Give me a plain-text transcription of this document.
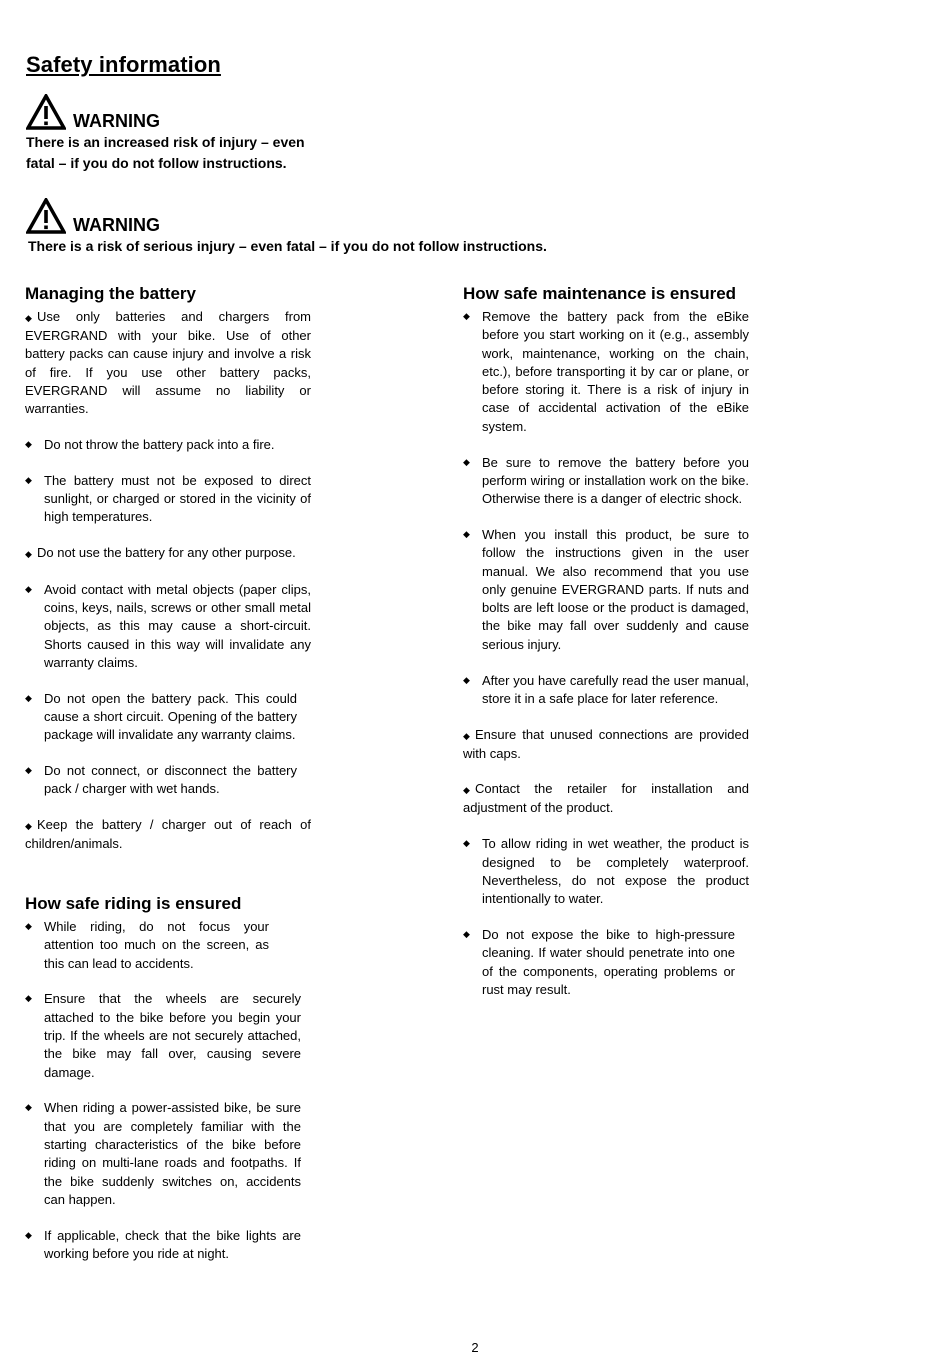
Safety information
WARNING
There is an increased risk of injury – even
fatal – if you do not follow instructions.
WARNING
There is a risk of serious injury – even fatal – if you do not follow instructions.
Managing the battery
◆ Use only batteries and chargers from EVERGRAND with your bike. Use of other battery packs can cause injury and involve a risk of fire. If you use other battery packs, EVERGRAND will assume no liability or warranties.
◆ Do not throw the battery pack into a fire.
◆ The battery must not be exposed to direct sunlight, or charged or stored in the vicinity of high temperatures.
◆ Do not use the battery for any other purpose.
◆ Avoid contact with metal objects (paper clips, coins, keys, nails, screws or other small metal objects, as this may cause a short-circuit. Shorts caused in this way will invalidate any warranty claims.
◆ Do not open the battery pack. This could cause a short circuit. Opening of the battery package will invalidate any warranty claims.
◆ Do not connect, or disconnect the battery pack / charger with wet hands.
◆ Keep the battery / charger out of reach of children/animals.
How safe riding is ensured
◆ While riding, do not focus your attention too much on the screen, as this can lead to accidents.
◆ Ensure that the wheels are securely attached to the bike before you begin your trip. If the wheels are not securely attached, the bike may fall over, causing severe damage.
◆ When riding a power-assisted bike, be sure that you are completely familiar with the starting characteristics of the bike before riding on multi-lane roads and footpaths. If the bike suddenly switches on, accidents can happen.
◆ If applicable, check that the bike lights are working before you ride at night.
How safe maintenance is ensured
◆ Remove the battery pack from the eBike before you start working on it (e.g., assembly work, maintenance, working on the chain, etc.), before transporting it by car or plane, or before storing it. There is a risk of injury in case of accidental activation of the eBike system.
◆ Be sure to remove the battery before you perform wiring or installation work on the bike. Otherwise there is a danger of electric shock.
◆ When you install this product, be sure to follow the instructions given in the user manual. We also recommend that you use only genuine EVERGRAND parts. If nuts and bolts are left loose or the product is damaged, the bike may fall over suddenly and cause serious injury.
◆ After you have carefully read the user manual, store it in a safe place for later reference.
◆ Ensure that unused connections are provided with caps.
◆ Contact the retailer for installation and adjustment of the product.
◆ To allow riding in wet weather, the product is designed to be completely waterproof. Nevertheless, do not expose the product intentionally to water.
◆ Do not expose the bike to high-pressure cleaning. If water should penetrate into one of the components, operating problems or rust may result.
2
